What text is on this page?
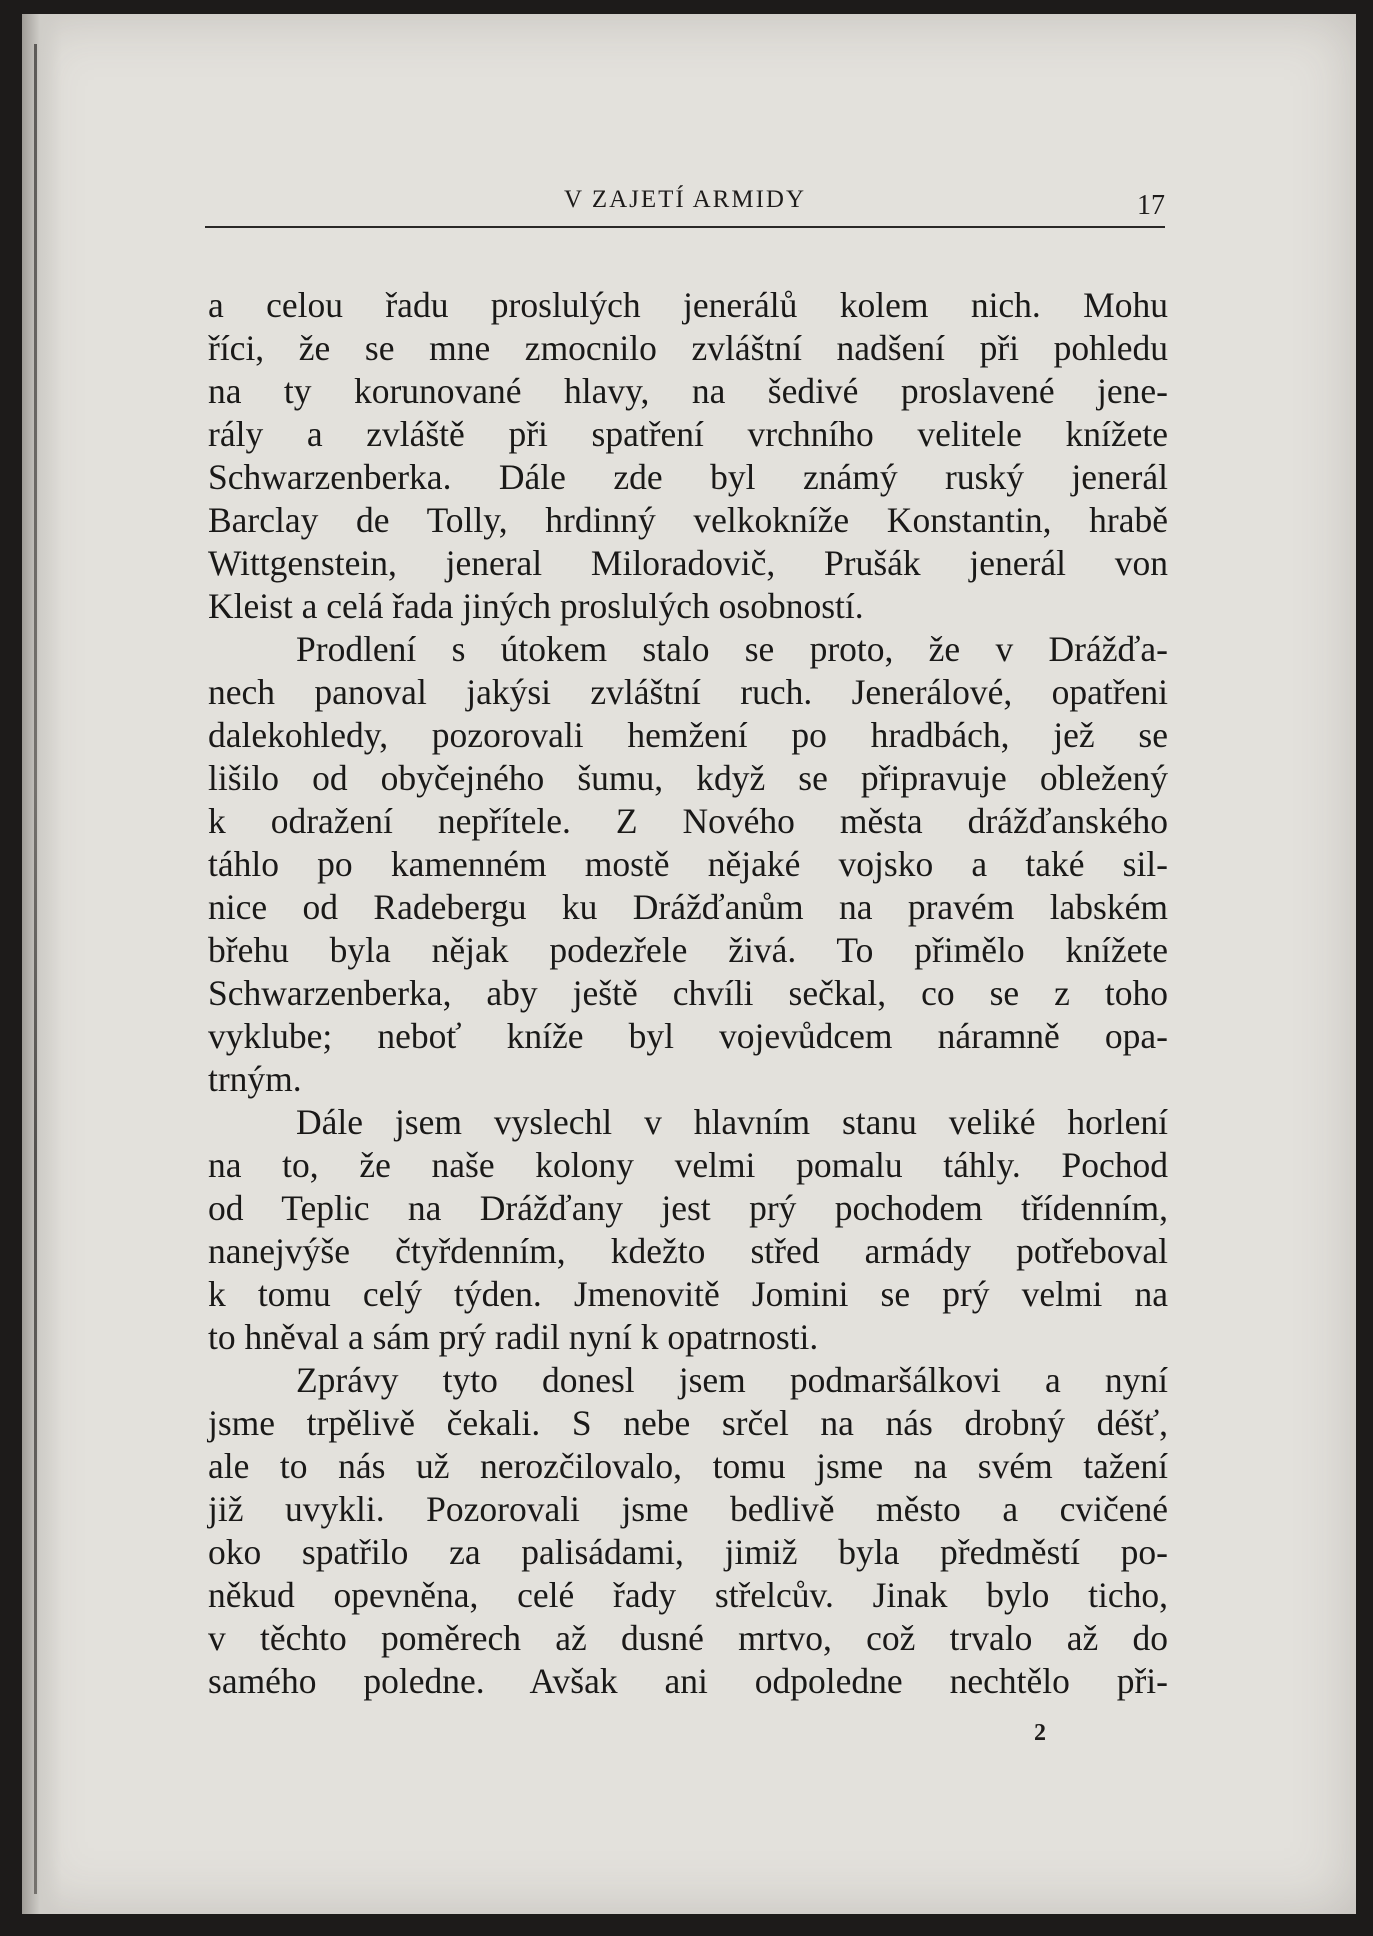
V ZAJETÍ ARMIDY	17
a celou řadu proslulých jenerálů kolem nich. Mohu
říci, že se mne zmocnilo zvláštní nadšení při pohledu
na ty korunované hlavy, na šedivé proslavené jene-
rály a zvláště při spatření vrchního velitele knížete
Schwarzenberka. Dále zde byl známý ruský jenerál
Barclay de Tolly, hrdinný velkokníže Konstantin, hrabě
Wittgenstein, jeneral Miloradovič, Prušák jenerál von
Kleist a celá řada jiných proslulých osobností.
Prodlení s útokem stalo se proto, že v Drážďa-
nech panoval jakýsi zvláštní ruch. Jenerálové, opatřeni
dalekohledy, pozorovali hemžení po hradbách, jež se
lišilo od obyčejného šumu, když se připravuje obležený
k odražení nepřítele. Z Nového města drážďanského
táhlo po kamenném mostě nějaké vojsko a také sil-
nice od Radebergu ku Drážďanům na pravém labském
břehu byla nějak podezřele živá. To přimělo knížete
Schwarzenberka, aby ještě chvíli sečkal, co se z toho
vyklube; neboť kníže byl vojevůdcem náramně opa-
trným.
Dále jsem vyslechl v hlavním stanu veliké horlení
na to, že naše kolony velmi pomalu táhly. Pochod
od Teplic na Drážďany jest prý pochodem třídenním,
nanejvýše čtyřdenním, kdežto střed armády potřeboval
k tomu celý týden. Jmenovitě Jomini se prý velmi na
to hněval a sám prý radil nyní k opatrnosti.
Zprávy tyto donesl jsem podmaršálkovi a nyní
jsme trpělivě čekali. S nebe srčel na nás drobný déšť,
ale to nás už nerozčilovalo, tomu jsme na svém tažení
již uvykli. Pozorovali jsme bedlivě město a cvičené
oko spatřilo za palisádami, jimiž byla předměstí po-
někud opevněna, celé řady střelcův. Jinak bylo ticho,
v těchto poměrech až dusné mrtvo, což trvalo až do
samého poledne. Avšak ani odpoledne nechtělo při-
2
